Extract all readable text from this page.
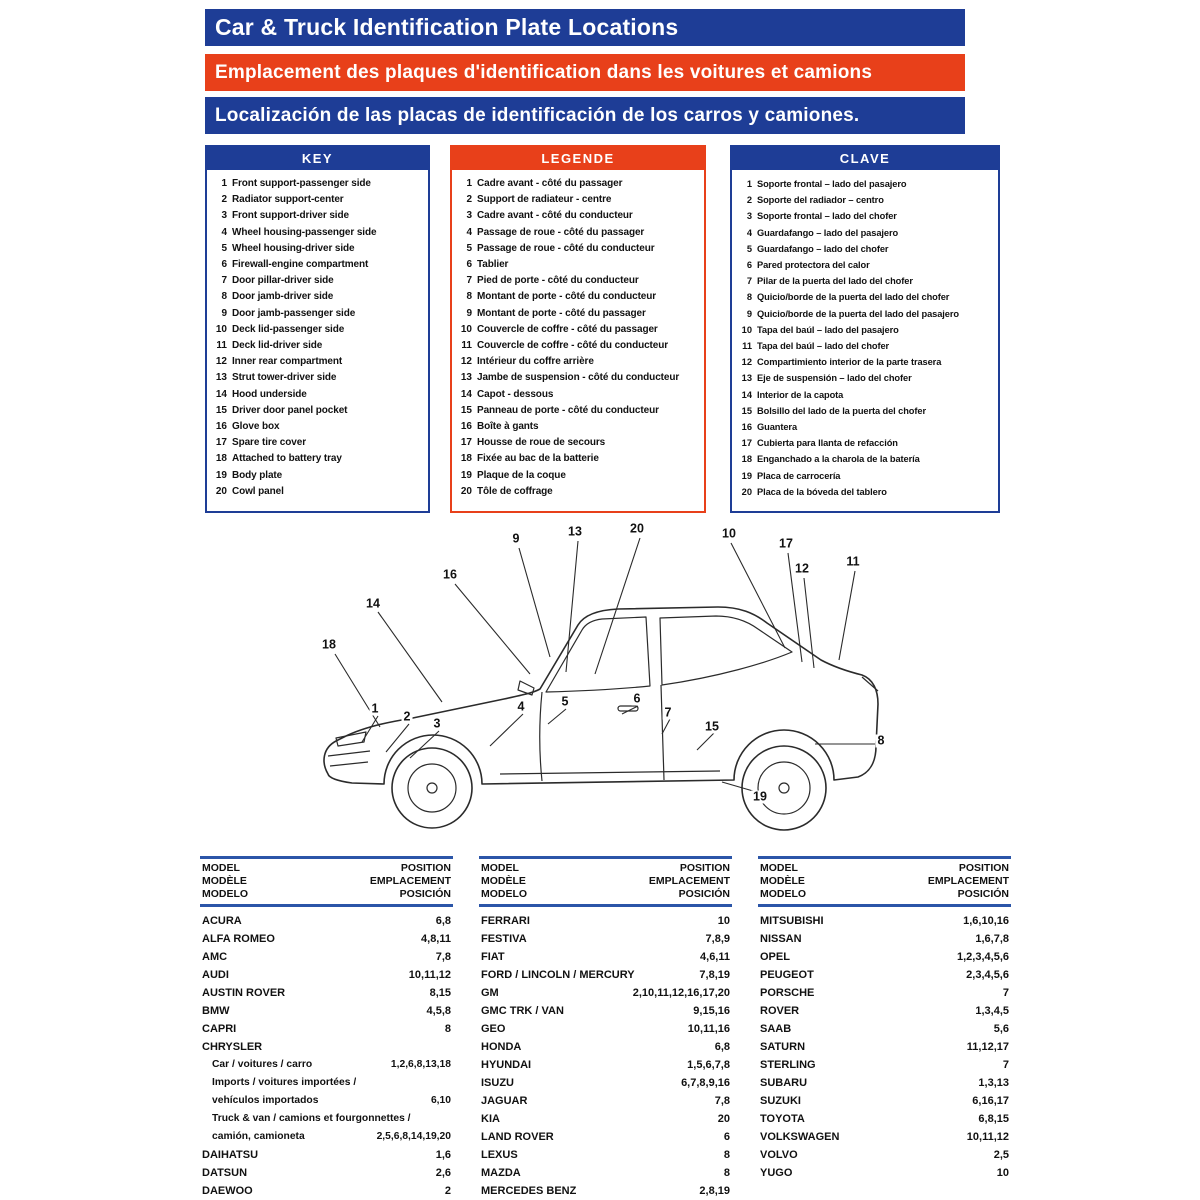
Car & Truck Identification Plate Locations
Emplacement des plaques d'identification dans les voitures et camions
Localización de las placas de identificación de los carros y camiones.
KEY
1 Front support-passenger side
2 Radiator support-center
3 Front support-driver side
4 Wheel housing-passenger side
5 Wheel housing-driver side
6 Firewall-engine compartment
7 Door pillar-driver side
8 Door jamb-driver side
9 Door jamb-passenger side
10 Deck lid-passenger side
11 Deck lid-driver side
12 Inner rear compartment
13 Strut tower-driver side
14 Hood underside
15 Driver door panel pocket
16 Glove box
17 Spare tire cover
18 Attached to battery tray
19 Body plate
20 Cowl panel
LEGENDE
1 Cadre avant - côté du passager
2 Support de radiateur - centre
3 Cadre avant - côté du conducteur
4 Passage de roue - côté du passager
5 Passage de roue - côté du conducteur
6 Tablier
7 Pied de porte - côté du conducteur
8 Montant de porte - côté du conducteur
9 Montant de porte - côté du passager
10 Couvercle de coffre - côté du passager
11 Couvercle de coffre - côté du conducteur
12 Intérieur du coffre arrière
13 Jambe de suspension - côté du conducteur
14 Capot - dessous
15 Panneau de porte - côté du conducteur
16 Boîte à gants
17 Housse de roue de secours
18 Fixée au bac de la batterie
19 Plaque de la coque
20 Tôle de coffrage
CLAVE
1 Soporte frontal – lado del pasajero
2 Soporte del radiador – centro
3 Soporte frontal – lado del chofer
4 Guardafango – lado del pasajero
5 Guardafango – lado del chofer
6 Pared protectora del calor
7 Pilar de la puerta del lado del chofer
8 Quicio/borde de la puerta del lado del chofer
9 Quicio/borde de la puerta del lado del pasajero
10 Tapa del baúl – lado del pasajero
11 Tapa del baúl – lado del chofer
12 Compartimiento interior de la parte trasera
13 Eje de suspensión – lado del chofer
14 Interior de la capota
15 Bolsillo del lado de la puerta del chofer
16 Guantera
17 Cubierta para llanta de refacción
18 Enganchado a la charola de la batería
19 Placa de carrocería
20 Placa de la bóveda del tablero
18
14
16
9	13	20	10
17
12	11
1
2 3
4	5	6
7
15
8
19
MODEL
MODÈLE
MODELO
POSITION
EMPLACEMENT
POSICIÓN
ACURA	6,8
ALFA ROMEO	4,8,11
AMC	7,8
AUDI	10,11,12
AUSTIN ROVER	8,15
BMW	4,5,8
CAPRI	8
CHRYSLER
Car / voitures / carro	1,2,6,8,13,18
Imports / voitures importées /
vehículos importados	6,10
Truck & van / camions et fourgonnettes /
camión, camioneta	2,5,6,8,14,19,20
DAIHATSU	1,6
DATSUN	2,6
DAEWOO	2
MODEL
MODÈLE
MODELO
POSITION
EMPLACEMENT
POSICIÓN
FERRARI	10
FESTIVA	7,8,9
FIAT	4,6,11
FORD / LINCOLN / MERCURY	7,8,19
GM	2,10,11,12,16,17,20
GMC TRK / VAN	9,15,16
GEO	10,11,16
HONDA	6,8
HYUNDAI	1,5,6,7,8
ISUZU	6,7,8,9,16
JAGUAR	7,8
KIA	20
LAND ROVER	6
LEXUS	8
MAZDA	8
MERCEDES BENZ	2,8,19
MODEL
MODÈLE
MODELO
POSITION
EMPLACEMENT
POSICIÓN
MITSUBISHI	1,6,10,16
NISSAN	1,6,7,8
OPEL	1,2,3,4,5,6
PEUGEOT	2,3,4,5,6
PORSCHE	7
ROVER	1,3,4,5
SAAB	5,6
SATURN	11,12,17
STERLING	7
SUBARU	1,3,13
SUZUKI	6,16,17
TOYOTA	6,8,15
VOLKSWAGEN	10,11,12
VOLVO	2,5
YUGO	10
